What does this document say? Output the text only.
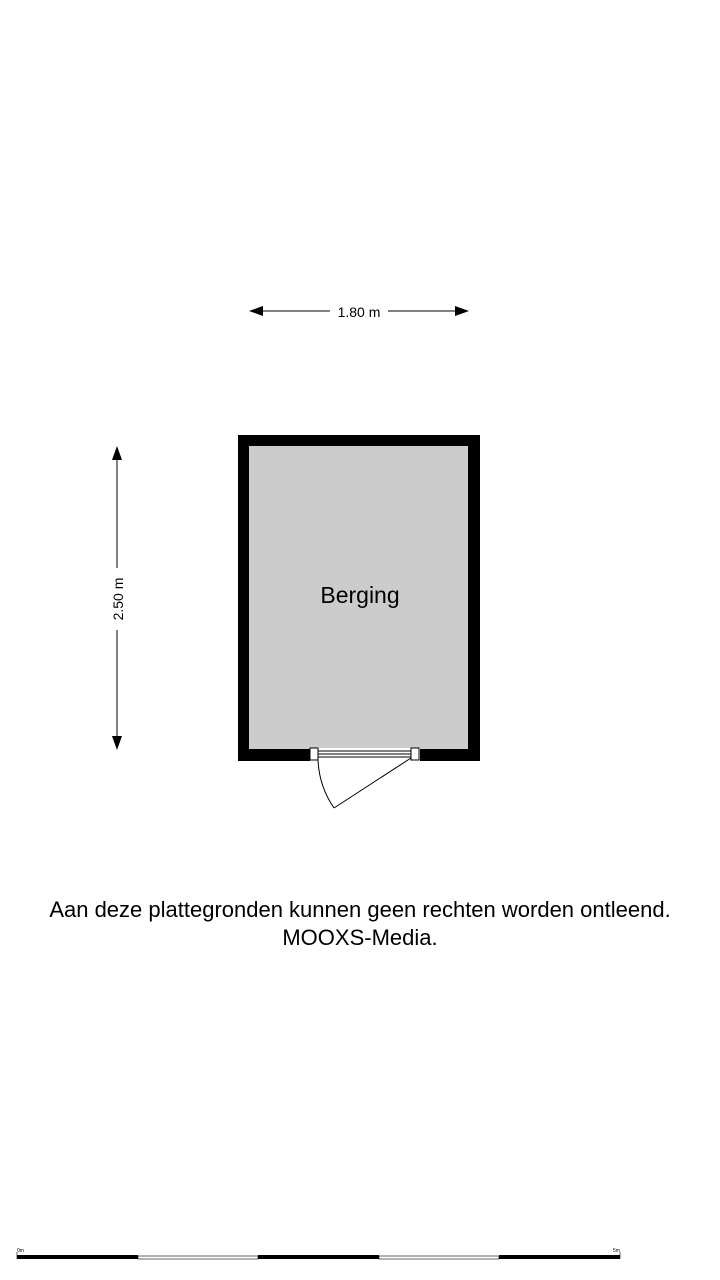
1.80 m
2.50 m	Berging
0m	5m
Aan deze plattegronden kunnen geen rechten worden ontleend.
MOOXS-Media.
